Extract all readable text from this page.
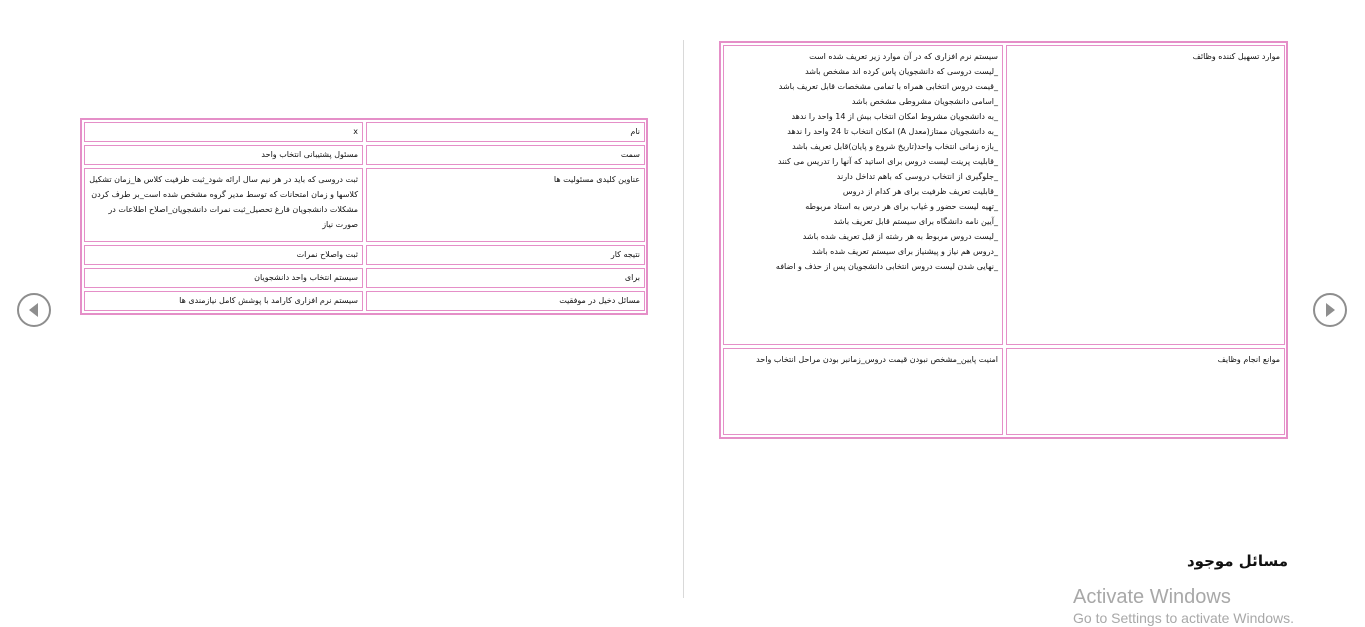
نام
x
سمت
مسئول پشتیبانی انتخاب واحد
عناوین کلیدی مسئولیت ها
ثبت دروسی که باید در هر نیم سال ارائه شود_ثبت ظرفیت کلاس ها_زمان تشکیل کلاسها و زمان امتحانات که توسط مدیر گروه مشخص شده است_بر طرف کردن مشکلات دانشجویان فارغ تحصیل_ثبت نمرات دانشجویان_اصلاح اطلاعات در صورت نیاز
نتیجه کار
ثبت واصلاح نمرات
برای
سیستم انتخاب واحد دانشجویان
مسائل دخیل در موفقیت
سیستم نرم افزاری کارامد با پوشش کامل نیازمندی ها
موارد تسهیل کننده وظائف
سیستم نرم افزاری که در آن موارد زیر تعریف شده است
_لیست دروسی که دانشجویان پاس کرده اند مشخص باشد
_قیمت دروس انتخابی همراه با تمامی مشخصات قابل تعریف باشد
_اسامی دانشجویان مشروطی مشخص باشد
_به دانشجویان مشروط امکان انتخاب بیش از 14 واحد را ندهد
_به دانشجویان ممتاز(معدل A) امکان انتخاب تا 24 واحد را ندهد
_بازه زمانی انتخاب واحد(تاریخ شروع و پایان)قابل تعریف باشد
_قابلیت پرینت لیست دروس برای اساتید که آنها را تدریس می کنند
_جلوگیری از انتخاب دروسی که باهم تداخل دارند
_قابلیت تعریف ظرفیت برای هر کدام از دروس
_تهیه لیست حضور و غیاب برای هر درس به استاد مربوطه
_آیین نامه دانشگاه برای سیستم قابل تعریف باشد
_لیست دروس مربوط به هر رشته از قبل تعریف شده باشد
_دروس هم نیاز و پیشنیاز برای سیستم تعریف شده باشد
_نهایی شدن لیست دروس انتخابی دانشجویان پس از حذف و اضافه
موانع انجام وظایف
امنیت پایین_مشخص نبودن قیمت دروس_زمانبر بودن مراحل انتخاب واحد
مسائل موجود
Activate Windows
Go to Settings to activate Windows.
